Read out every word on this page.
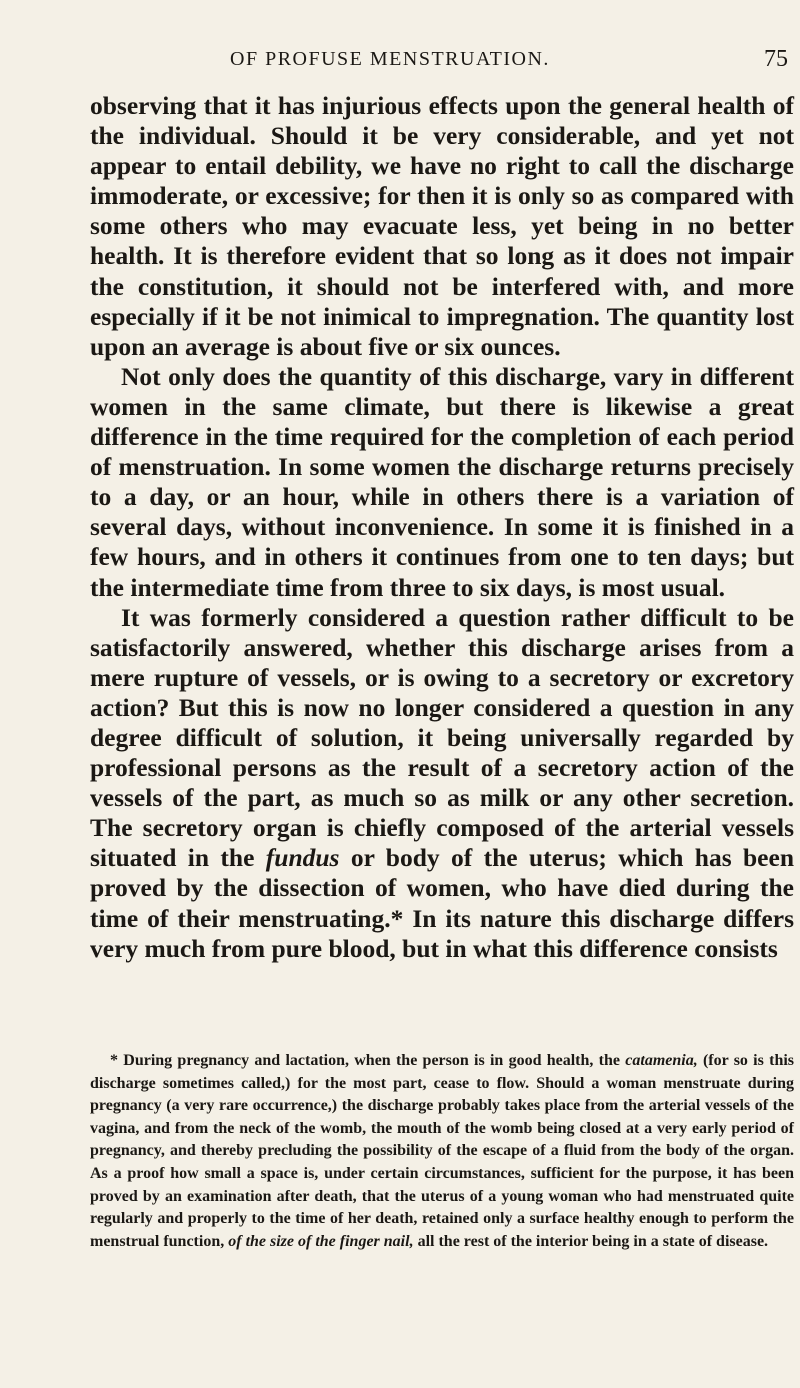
OF PROFUSE MENSTRUATION.	75

observing that it has injurious effects upon the general health of the individual. Should it be very considerable, and yet not appear to entail debility, we have no right to call the discharge immoderate, or excessive; for then it is only so as compared with some others who may evacuate less, yet being in no better health. It is therefore evident that so long as it does not impair the constitution, it should not be interfered with, and more especially if it be not inimical to impregnation. The quantity lost upon an average is about five or six ounces.

Not only does the quantity of this discharge, vary in different women in the same climate, but there is likewise a great difference in the time required for the completion of each period of menstruation. In some women the discharge returns precisely to a day, or an hour, while in others there is a variation of several days, without inconvenience. In some it is finished in a few hours, and in others it continues from one to ten days; but the intermediate time from three to six days, is most usual.

It was formerly considered a question rather difficult to be satisfactorily answered, whether this discharge arises from a mere rupture of vessels, or is owing to a secretory or excretory action? But this is now no longer considered a question in any degree difficult of solution, it being universally regarded by professional persons as the result of a secretory action of the vessels of the part, as much so as milk or any other secretion. The secretory organ is chiefly composed of the arterial vessels situated in the fundus or body of the uterus; which has been proved by the dissection of women, who have died during the time of their menstruating.* In its nature this discharge differs very much from pure blood, but in what this difference consists

* During pregnancy and lactation, when the person is in good health, the catamenia, (for so is this discharge sometimes called,) for the most part, cease to flow. Should a woman menstruate during pregnancy (a very rare occurrence,) the discharge probably takes place from the arterial vessels of the vagina, and from the neck of the womb, the mouth of the womb being closed at a very early period of pregnancy, and thereby precluding the possibility of the escape of a fluid from the body of the organ. As a proof how small a space is, under certain circumstances, sufficient for the purpose, it has been proved by an examination after death, that the uterus of a young woman who had menstruated quite regularly and properly to the time of her death, retained only a surface healthy enough to perform the menstrual function, of the size of the finger nail, all the rest of the interior being in a state of disease.
